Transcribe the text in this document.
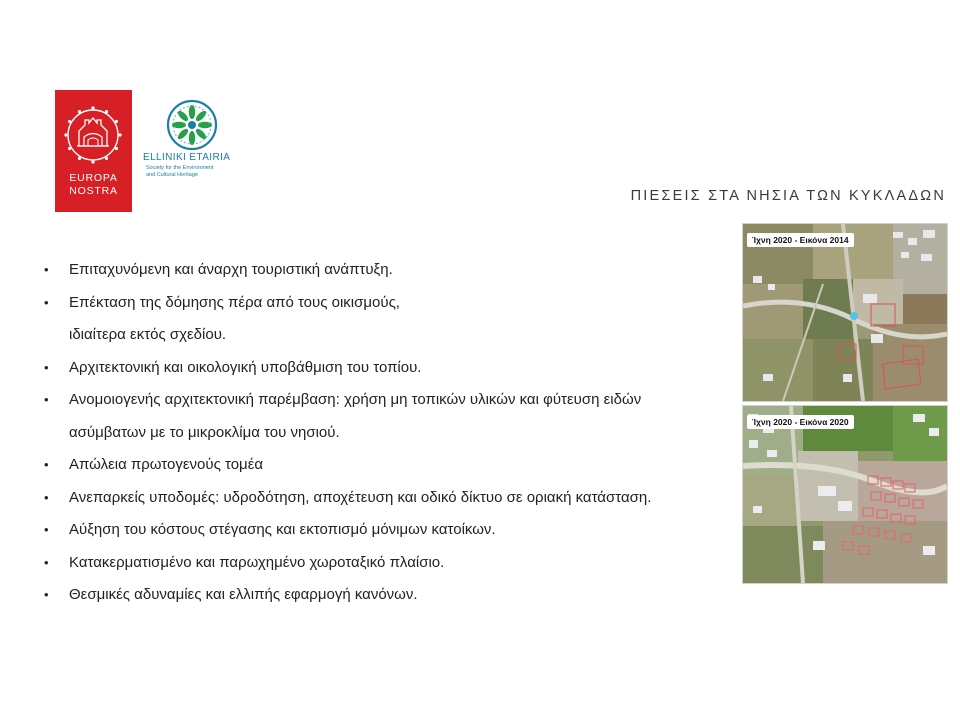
EUROPA
NOSTRA
ELLINIKI ETAIRIA
Society for the Environment
and Cultural Heritage
ΠΙΕΣΕΙΣ ΣΤΑ ΝΗΣΙΑ ΤΩΝ ΚΥΚΛΑΔΩΝ
• Επιταχυνόμενη και άναρχη τουριστική ανάπτυξη.
• Επέκταση της δόμησης πέρα από τους οικισμούς,
ιδιαίτερα εκτός σχεδίου.
• Αρχιτεκτονική και οικολογική υποβάθμιση του τοπίου.
• Ανομοιογενής αρχιτεκτονική παρέμβαση: χρήση μη τοπικών υλικών και φύτευση ειδών
ασύμβατων με το μικροκλίμα του νησιού.
• Απώλεια πρωτογενούς τομέα
• Ανεπαρκείς υποδομές: υδροδότηση, αποχέτευση και οδικό δίκτυο σε οριακή κατάσταση.
• Αύξηση του κόστους στέγασης και εκτοπισμό μόνιμων κατοίκων.
• Κατακερματισμένο και παρωχημένο χωροταξικό πλαίσιο.
• Θεσμικές αδυναμίες και ελλιπής εφαρμογή κανόνων.
Ίχνη 2020 - Εικόνα 2014
Ίχνη 2020 - Εικόνα 2020
